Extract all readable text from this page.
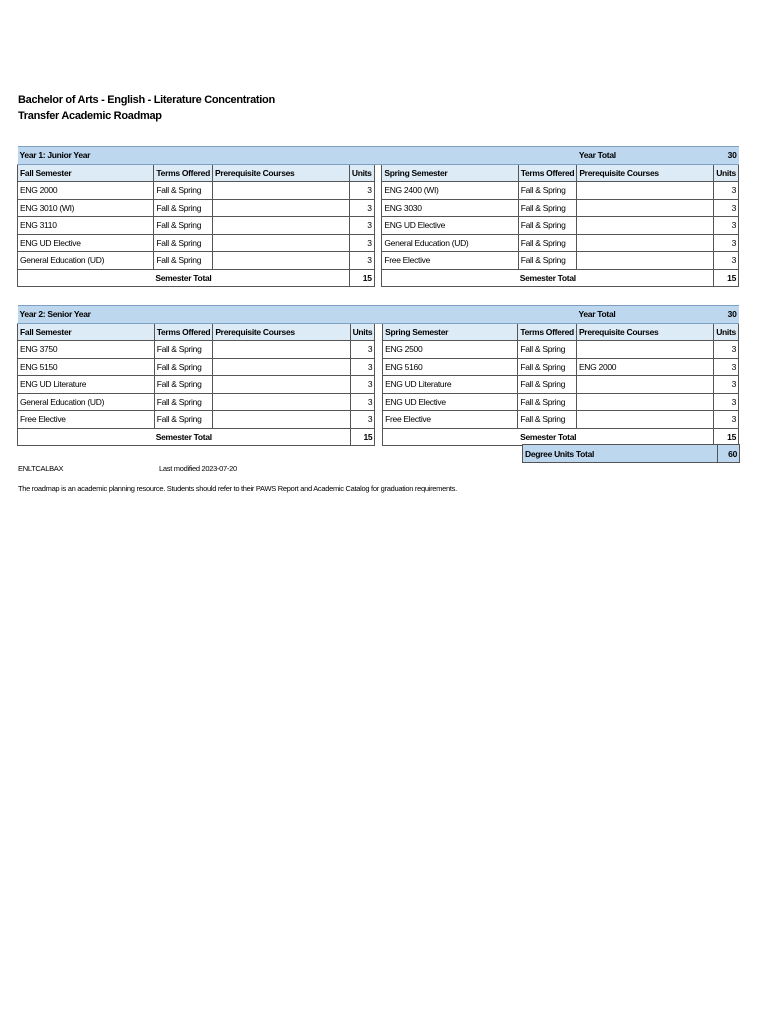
Bachelor of Arts - English - Literature Concentration
Transfer Academic Roadmap
Year 1: Junior Year							Year Total	30
Fall Semester	Terms Offered	Prerequisite Courses	Units		Spring Semester	Terms Offered	Prerequisite Courses	Units
ENG 2000	Fall & Spring		3		ENG 2400 (WI)	Fall & Spring		3
ENG 3010 (WI)	Fall & Spring		3		ENG 3030	Fall & Spring		3
ENG 3110	Fall & Spring		3		ENG UD Elective	Fall & Spring		3
ENG UD Elective	Fall & Spring		3		General Education (UD)	Fall & Spring		3
General Education (UD)	Fall & Spring		3		Free Elective	Fall & Spring		3
Semester Total			15		Semester Total			15
Year 2: Senior Year							Year Total	30
Fall Semester	Terms Offered	Prerequisite Courses	Units		Spring Semester	Terms Offered	Prerequisite Courses	Units
ENG 3750	Fall & Spring		3		ENG 2500	Fall & Spring		3
ENG 5150	Fall & Spring		3		ENG 5160	Fall & Spring	ENG 2000	3
ENG UD Literature	Fall & Spring		3		ENG UD Literature	Fall & Spring		3
General Education (UD)	Fall & Spring		3		ENG UD Elective	Fall & Spring		3
Free Elective	Fall & Spring		3		Free Elective	Fall & Spring		3
Semester Total			15		Semester Total			15
Degree Units Total	60
ENLTCALBAX	Last modified 2023-07-20
The roadmap is an academic planning resource. Students should refer to their PAWS Report and Academic Catalog for graduation requirements.
